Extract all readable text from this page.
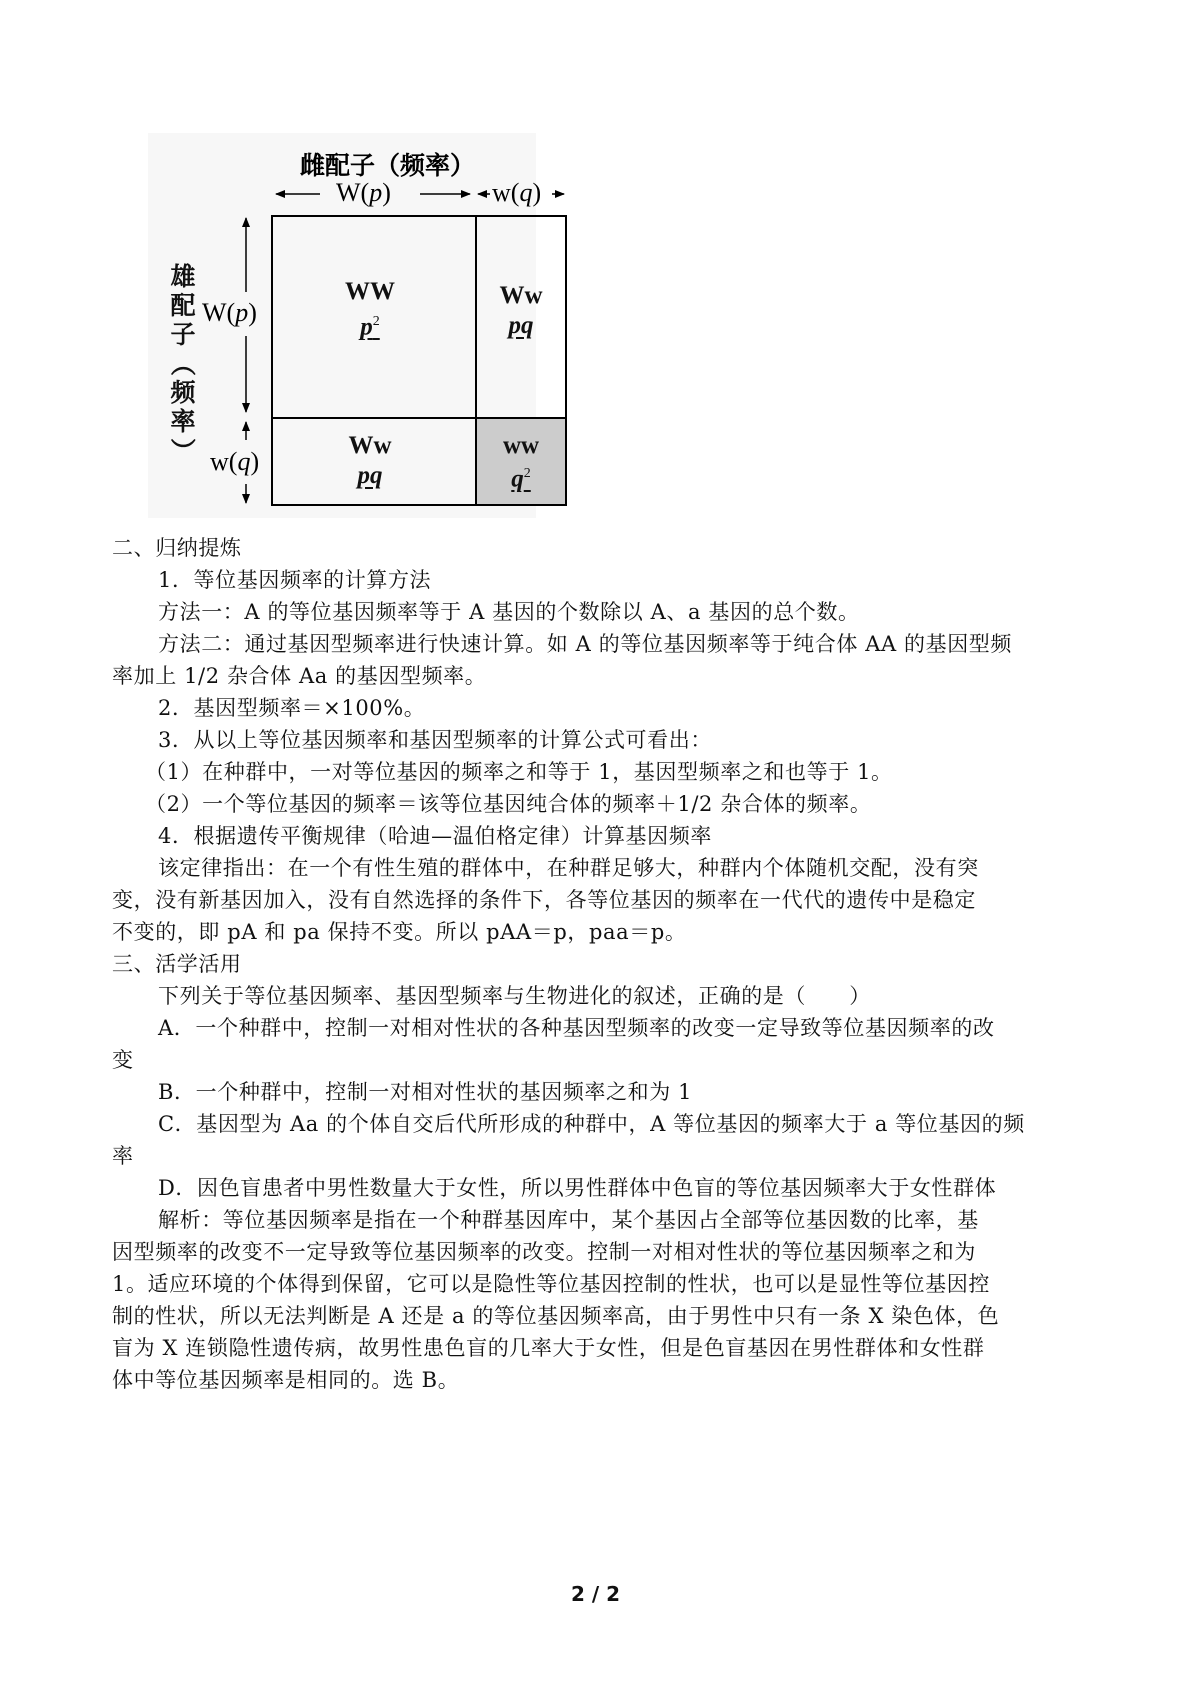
雌配子（频率）
W(p)	w(q)
雄
配
子
（
频
率
）
W(p)
w(q)
WW
$p^2$
Ww
pq
Ww
pq
ww
$q^2$
二、归纳提炼
1．等位基因频率的计算方法
方法一：A 的等位基因频率等于 A 基因的个数除以 A、a 基因的总个数。
方法二：通过基因型频率进行快速计算。如 A 的等位基因频率等于纯合体 AA 的基因型频
率加上 1/2 杂合体 Aa 的基因型频率。
2．基因型频率＝×100%。
3．从以上等位基因频率和基因型频率的计算公式可看出：
（1）在种群中，一对等位基因的频率之和等于 1，基因型频率之和也等于 1。
（2）一个等位基因的频率＝该等位基因纯合体的频率＋1/2 杂合体的频率。
4．根据遗传平衡规律（哈迪—温伯格定律）计算基因频率
该定律指出：在一个有性生殖的群体中，在种群足够大，种群内个体随机交配，没有突
变，没有新基因加入，没有自然选择的条件下，各等位基因的频率在一代代的遗传中是稳定
不变的，即 pA 和 pa 保持不变。所以 pAA＝p，paa＝p。
三、活学活用
下列关于等位基因频率、基因型频率与生物进化的叙述，正确的是（　　）
A．一个种群中，控制一对相对性状的各种基因型频率的改变一定导致等位基因频率的改
变
B．一个种群中，控制一对相对性状的基因频率之和为 1
C．基因型为 Aa 的个体自交后代所形成的种群中，A 等位基因的频率大于 a 等位基因的频
率
D．因色盲患者中男性数量大于女性，所以男性群体中色盲的等位基因频率大于女性群体
解析：等位基因频率是指在一个种群基因库中，某个基因占全部等位基因数的比率，基
因型频率的改变不一定导致等位基因频率的改变。控制一对相对性状的等位基因频率之和为
1。适应环境的个体得到保留，它可以是隐性等位基因控制的性状，也可以是显性等位基因控
制的性状，所以无法判断是 A 还是 a 的等位基因频率高，由于男性中只有一条 X 染色体，色
盲为 X 连锁隐性遗传病，故男性患色盲的几率大于女性，但是色盲基因在男性群体和女性群
体中等位基因频率是相同的。选 B。
2 / 2
